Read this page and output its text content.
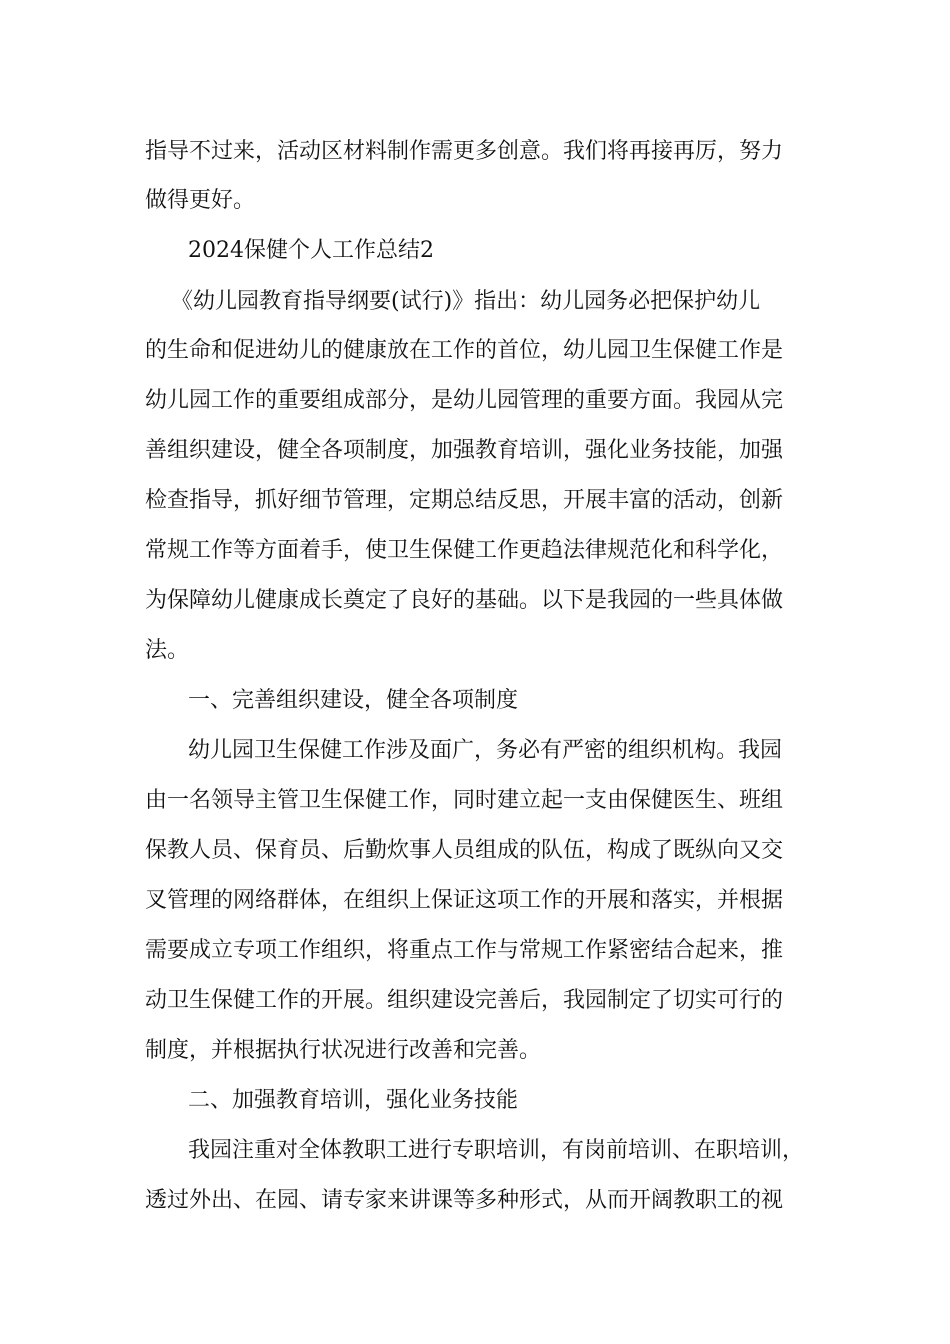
指导不过来，活动区材料制作需更多创意。我们将再接再厉，努力

做得更好。

2024保健个人工作总结2

《幼儿园教育指导纲要(试行)》指出：幼儿园务必把保护幼儿

的生命和促进幼儿的健康放在工作的首位，幼儿园卫生保健工作是

幼儿园工作的重要组成部分，是幼儿园管理的重要方面。我园从完

善组织建设，健全各项制度，加强教育培训，强化业务技能，加强

检查指导，抓好细节管理，定期总结反思，开展丰富的活动，创新

常规工作等方面着手，使卫生保健工作更趋法律规范化和科学化，

为保障幼儿健康成长奠定了良好的基础。以下是我园的一些具体做

法。

一、完善组织建设，健全各项制度

幼儿园卫生保健工作涉及面广，务必有严密的组织机构。我园

由一名领导主管卫生保健工作，同时建立起一支由保健医生、班组

保教人员、保育员、后勤炊事人员组成的队伍，构成了既纵向又交

叉管理的网络群体，在组织上保证这项工作的开展和落实，并根据

需要成立专项工作组织，将重点工作与常规工作紧密结合起来，推

动卫生保健工作的开展。组织建设完善后，我园制定了切实可行的

制度，并根据执行状况进行改善和完善。

二、加强教育培训，强化业务技能

我园注重对全体教职工进行专职培训，有岗前培训、在职培训，

透过外出、在园、请专家来讲课等多种形式，从而开阔教职工的视
